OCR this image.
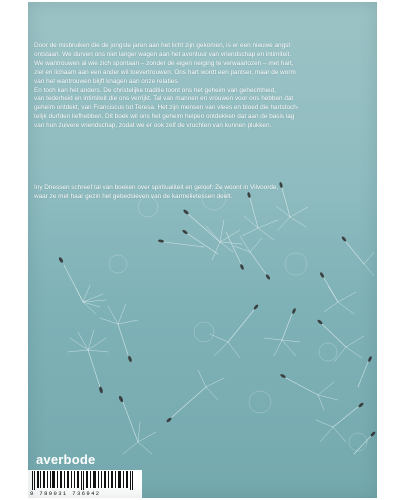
Door de misbruiken die de jongste jaren aan het licht zijn gekomen, is er een nieuwe angst

ontstaan. We durven ons niet langer wagen aan het avontuur van vriendschap en intimiteit.

We wantrouwen al wie zich spontaan – zonder de eigen neiging te verwaarlozen – met hart,

ziel en lichaam aan een ander wil toevertrouwen. Ons hart wordt een pantser, maar de worm

van het wantrouwen blijft knagen aan onze relaties.

En toch kan het anders. De christelijke traditie toont ons het geheim van gehechtheid,

van tederheid en intimiteit die ons verrijkt. Tal van mannen en vrouwen voor ons hebben dat

geheim ontdekt, van Franciscus tot Teresa. Het zijn mensen van vlees en bloed die hartstoch-

telijk durfden liefhebben. Dit boek wil ons het geheim helpen ontdekken dat aan de basis lag

van hun zuivere vriendschap, zodat we er ook zelf de vruchten van kunnen plukken.

Iny Driessen schreef tal van boeken over spiritualiteit en geloof. Ze woont in Vilvoorde,

waar ze met haar gezin het gebedsleven van de karmelietessen deelt.

averbode
9 789031 736942
